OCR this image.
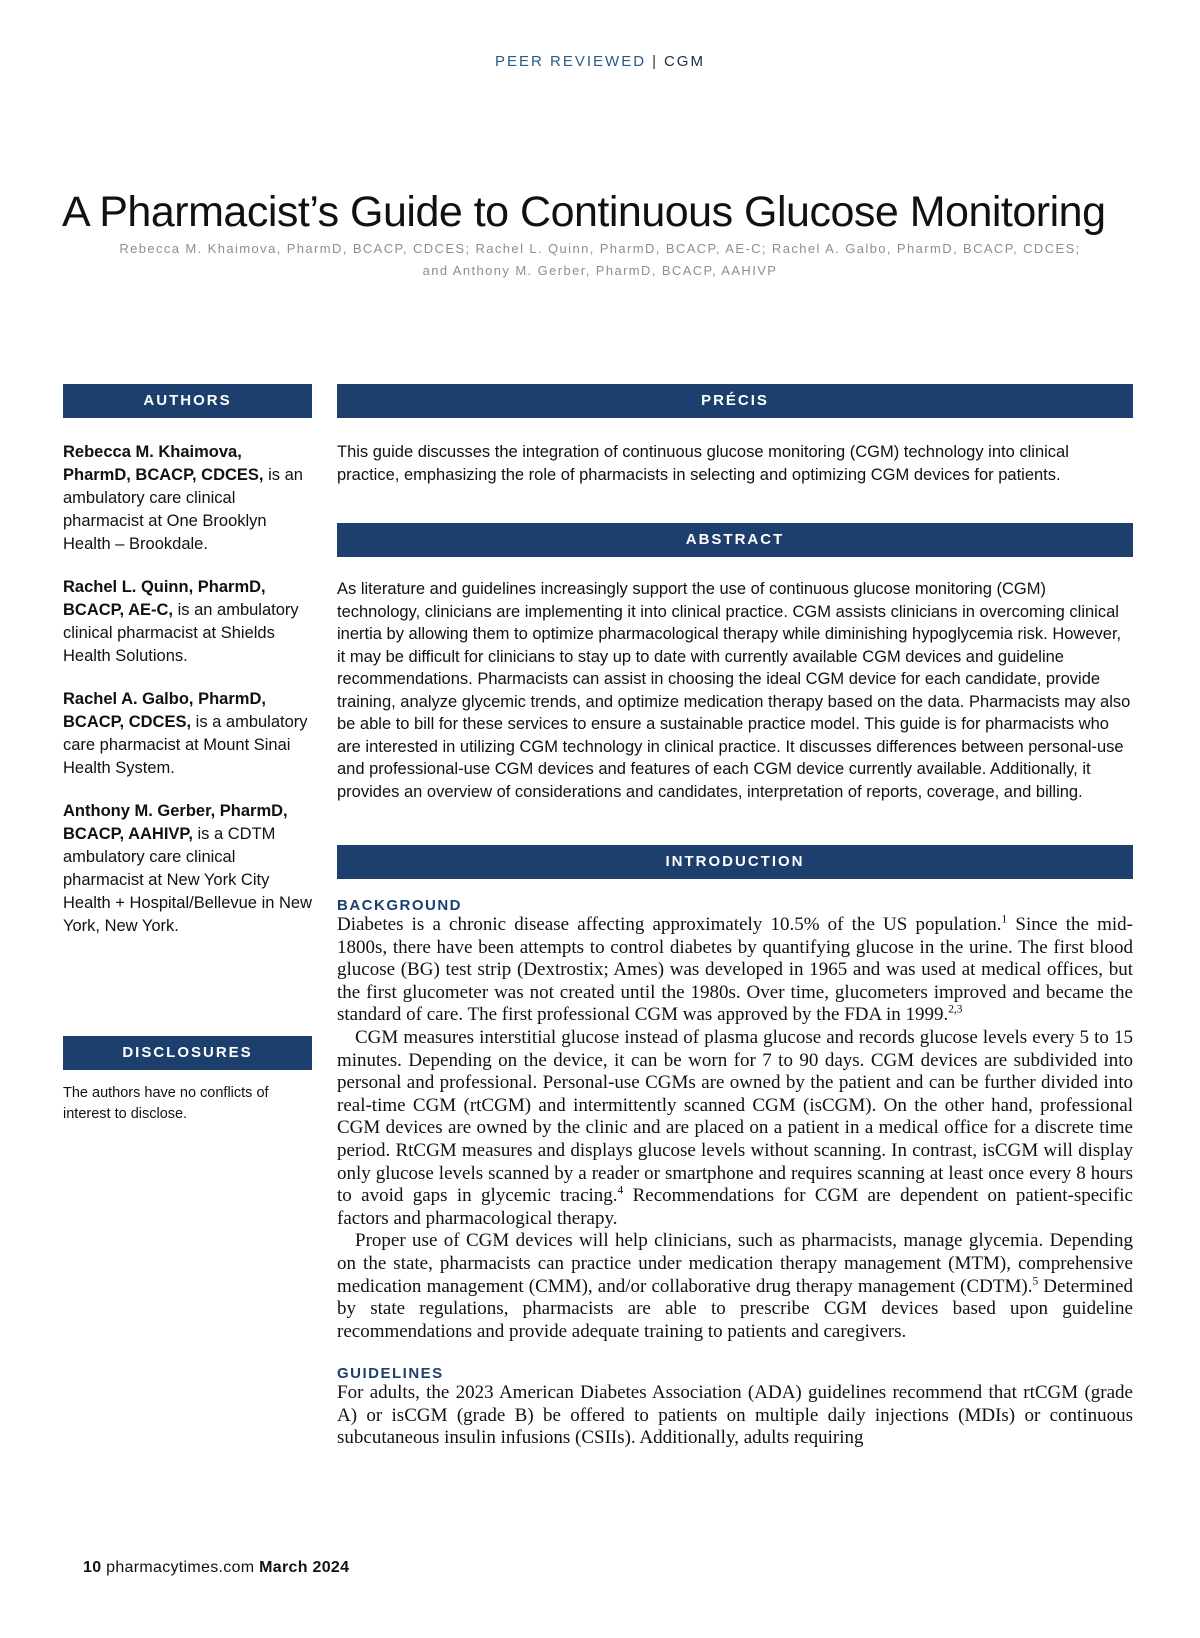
PEER REVIEWED | CGM
A Pharmacist’s Guide to Continuous Glucose Monitoring
Rebecca M. Khaimova, PharmD, BCACP, CDCES; Rachel L. Quinn, PharmD, BCACP, AE-C; Rachel A. Galbo, PharmD, BCACP, CDCES;
and Anthony M. Gerber, PharmD, BCACP, AAHIVP
AUTHORS

Rebecca M. Khaimova, PharmD, BCACP, CDCES, is an ambulatory care clinical pharmacist at One Brooklyn Health – Brookdale.

Rachel L. Quinn, PharmD, BCACP, AE-C, is an ambulatory clinical pharmacist at Shields Health Solutions.

Rachel A. Galbo, PharmD, BCACP, CDCES, is a ambulatory care pharmacist at Mount Sinai Health System.

Anthony M. Gerber, PharmD, BCACP, AAHIVP, is a CDTM ambulatory care clinical pharmacist at New York City Health + Hospital/Bellevue in New York, New York.

DISCLOSURES
The authors have no conflicts of interest to disclose.
PRÉCIS

This guide discusses the integration of continuous glucose monitoring (CGM) technology into clinical practice, emphasizing the role of pharmacists in selecting and optimizing CGM devices for patients.

ABSTRACT

As literature and guidelines increasingly support the use of continuous glucose monitoring (CGM) technology, clinicians are implementing it into clinical practice. CGM assists clinicians in overcoming clinical inertia by allowing them to optimize pharmacological therapy while diminishing hypoglycemia risk. However, it may be difficult for clinicians to stay up to date with currently available CGM devices and guideline recommendations. Pharmacists can assist in choosing the ideal CGM device for each candidate, provide training, analyze glycemic trends, and optimize medication therapy based on the data. Pharmacists may also be able to bill for these services to ensure a sustainable practice model. This guide is for pharmacists who are interested in utilizing CGM technology in clinical practice. It discusses differences between personal-use and professional-use CGM devices and features of each CGM device currently available. Additionally, it provides an overview of considerations and candidates, interpretation of reports, coverage, and billing.

INTRODUCTION
BACKGROUND

Diabetes is a chronic disease affecting approximately 10.5% of the US population.$^1$ Since the mid-1800s, there have been attempts to control diabetes by quantifying glucose in the urine. The first blood glucose (BG) test strip (Dextrostix; Ames) was developed in 1965 and was used at medical offices, but the first glucometer was not created until the 1980s. Over time, glucometers improved and became the standard of care. The first professional CGM was approved by the FDA in 1999.$^{2,3}$

CGM measures interstitial glucose instead of plasma glucose and records glucose levels every 5 to 15 minutes. Depending on the device, it can be worn for 7 to 90 days. CGM devices are subdivided into personal and professional. Personal-use CGMs are owned by the patient and can be further divided into real-time CGM (rtCGM) and intermittently scanned CGM (isCGM). On the other hand, professional CGM devices are owned by the clinic and are placed on a patient in a medical office for a discrete time period. RtCGM measures and displays glucose levels without scanning. In contrast, isCGM will display only glucose levels scanned by a reader or smartphone and requires scanning at least once every 8 hours to avoid gaps in glycemic tracing.$^4$ Recommendations for CGM are dependent on patient-specific factors and pharmacological therapy.

Proper use of CGM devices will help clinicians, such as pharmacists, manage glycemia. Depending on the state, pharmacists can practice under medication therapy management (MTM), comprehensive medication management (CMM), and/or collaborative drug therapy management (CDTM).$^5$ Determined by state regulations, pharmacists are able to prescribe CGM devices based upon guideline recommendations and provide adequate training to patients and caregivers.

GUIDELINES

For adults, the 2023 American Diabetes Association (ADA) guidelines recommend that rtCGM (grade A) or isCGM (grade B) be offered to patients on multiple daily injections (MDIs) or continuous subcutaneous insulin infusions (CSIIs). Additionally, adults requiring

10 pharmacytimes.com March 2024
